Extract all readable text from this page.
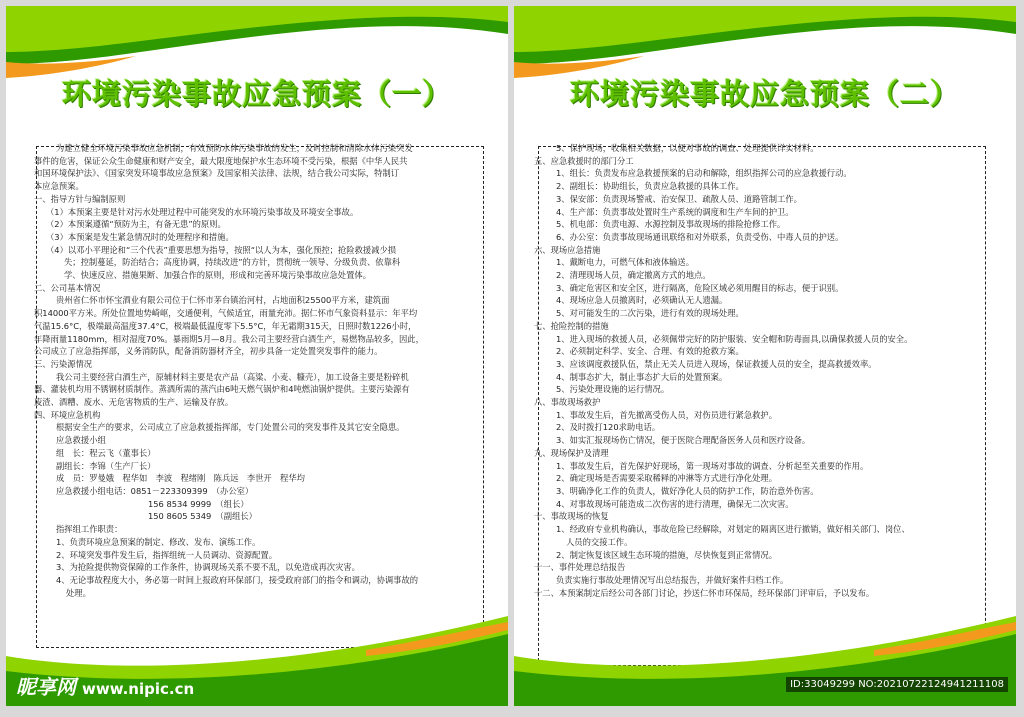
环境污染事故应急预案（一）
为建立健全环境污染事故应急机制，有效预防水体污染事故的发生，及时控制和清除水体污染突发
事件的危害，保证公众生命健康和财产安全，最大限度地保护水生态环境不受污染，根据《中华人民共
和国环境保护法》、《国家突发环境事故应急预案》及国家相关法律、法规，结合我公司实际，特制订
本应急预案。
一、指导方针与编制原则
（1）本预案主要是针对污水处理过程中可能突发的水环境污染事故及环境安全事故。
（2）本预案遵循“预防为主，有备无患”的原则。
（3）本预案是发生紧急情况时的处理程序和措施。
（4）以邓小平理论和“三个代表”重要思想为指导，按照“以人为本，强化预控；抢险救援减少损
失；控制蔓延，防治结合；高度协调，持续改进”的方针，贯彻统一领导、分级负责、依靠科
学、快速反应、措施果断、加强合作的原则，形成和完善环境污染事故应急处置体。
二、公司基本情况
贵州省仁怀市怀宝酒业有限公司位于仁怀市茅台镇治河村，占地面积25500平方米，建筑面
积14000平方米。所处位置地势崎岖，交通便利，气候适宜，雨量充沛。据仁怀市气象资料显示：年平均
气温15.6°C，极端最高温度37.4°C，极端最低温度零下5.5°C，年无霜期315天，日照时数1226小时，
年降雨量1180mm，相对湿度70%。暴雨期5月—8月。我公司主要经营白酒生产，易燃物品较多，因此，
公司成立了应急指挥部，义务消防队，配备消防器材齐全，初步具备一定处置突发事件的能力。
三、污染源情况
我公司主要经营白酒生产，原辅材料主要是农产品（高粱、小麦、糠壳），加工设备主要是粉碎机
器、灌装机均用不锈钢材质制作。蒸酒所需的蒸汽由6吨天燃气锅炉和4吨燃油锅炉提供。主要污染源有
废渣、酒糟、废水、无危害物质的生产、运输及存放。
四、环境应急机构
根据安全生产的要求，公司成立了应急救援指挥部，专门处置公司的突发事件及其它安全隐患。
应急救援小组
组　长：程云飞（董事长）
副组长：李锦（生产厂长）
成　员：罗曼娥　程华如　李波　程绪刚　陈兵远　李世开　程华均
应急救援小组电话：0851－223309399　（办公室）
156 8534 9999　（组长）
150 8605 5349　（副组长）
指挥组工作职责：
1、负责环境应急预案的制定、修改、发布、演练工作。
2、环境突发事件发生后，指挥组统一人员调动、资源配置。
3、为抢险提供物资保障的工作条件，协调现场关系不要不乱，以免造成再次灾害。
4、无论事故程度大小，务必第一时间上报政府环保部门，接受政府部门的指令和调动，协调事故的
处理。
昵享网 www.nipic.cn
环境污染事故应急预案（二）
5、保护现场，收集相关数据，以便对事故的调查、处理提供详实材料。
五、应急救援时的部门分工
1、组长：负责发布应急救援预案的启动和解除，组织指挥公司的应急救援行动。
2、副组长：协助组长，负责应急救援的具体工作。
3、保安部：负责现场警戒、治安保卫、疏散人员、道路管制工作。
4、生产部：负责事故处置时生产系统的调度和生产车间的护卫。
5、机电部：负责电源、水源控制及事故现场的排险抢修工作。
6、办公室：负责事故现场通讯联络和对外联系，负责受伤、中毒人员的护送。
六、现场应急措施
1、戴断电力，可燃气体和液体输送。
2、清理现场人员，确定撤离方式的地点。
3、确定危害区和安全区，进行隔离，危险区域必须用醒目的标志，便于识别。
4、现场应急人员撤离时，必须确认无人遗漏。
5、对可能发生的二次污染，进行有效的现场处理。
七、抢险控制的措施
1、进入现场的救援人员，必须佩带完好的防护服装、安全帽和防毒面具,以确保救援人员的安全。
2、必须制定科学、安全、合理、有效的抢救方案。
3、应该调度救援队伍，禁止无关人员进入现场，保证救援人员的安全，提高救援效率。
4、制事态扩大，制止事态扩大后的处置预案。
5、污染处理设施的运行情况。
八、事故现场救护
1、事故发生后，首先撤离受伤人员，对伤员进行紧急救护。
2、及时拨打120求助电话。
3、如实汇报现场伤亡情况，便于医院合理配备医务人员和医疗设备。
九、现场保护及清理
1、事故发生后，首先保护好现场，第一现场对事故的调查、分析起至关重要的作用。
2、确定现场是否需要采取稀释的冲淋等方式进行净化处理。
3、明确净化工作的负责人，做好净化人员的防护工作，防治意外伤害。
4、对事故现场可能造成二次伤害的进行清理，确保无二次灾害。
十、事故现场的恢复
1、经政府专业机构确认，事故危险已经解除，对划定的隔离区进行撤销，做好相关部门、岗位、
人员的交接工作。
2、制定恢复该区域生态环境的措施，尽快恢复到正常情况。
十一、事件处理总结报告
负责实施行事故处理情况写出总结报告，并做好案件归档工作。
十二、本预案制定后经公司各部门讨论，抄送仁怀市环保局，经环保部门评审后，予以发布。
ID:33049299 NO:20210722124941211108
